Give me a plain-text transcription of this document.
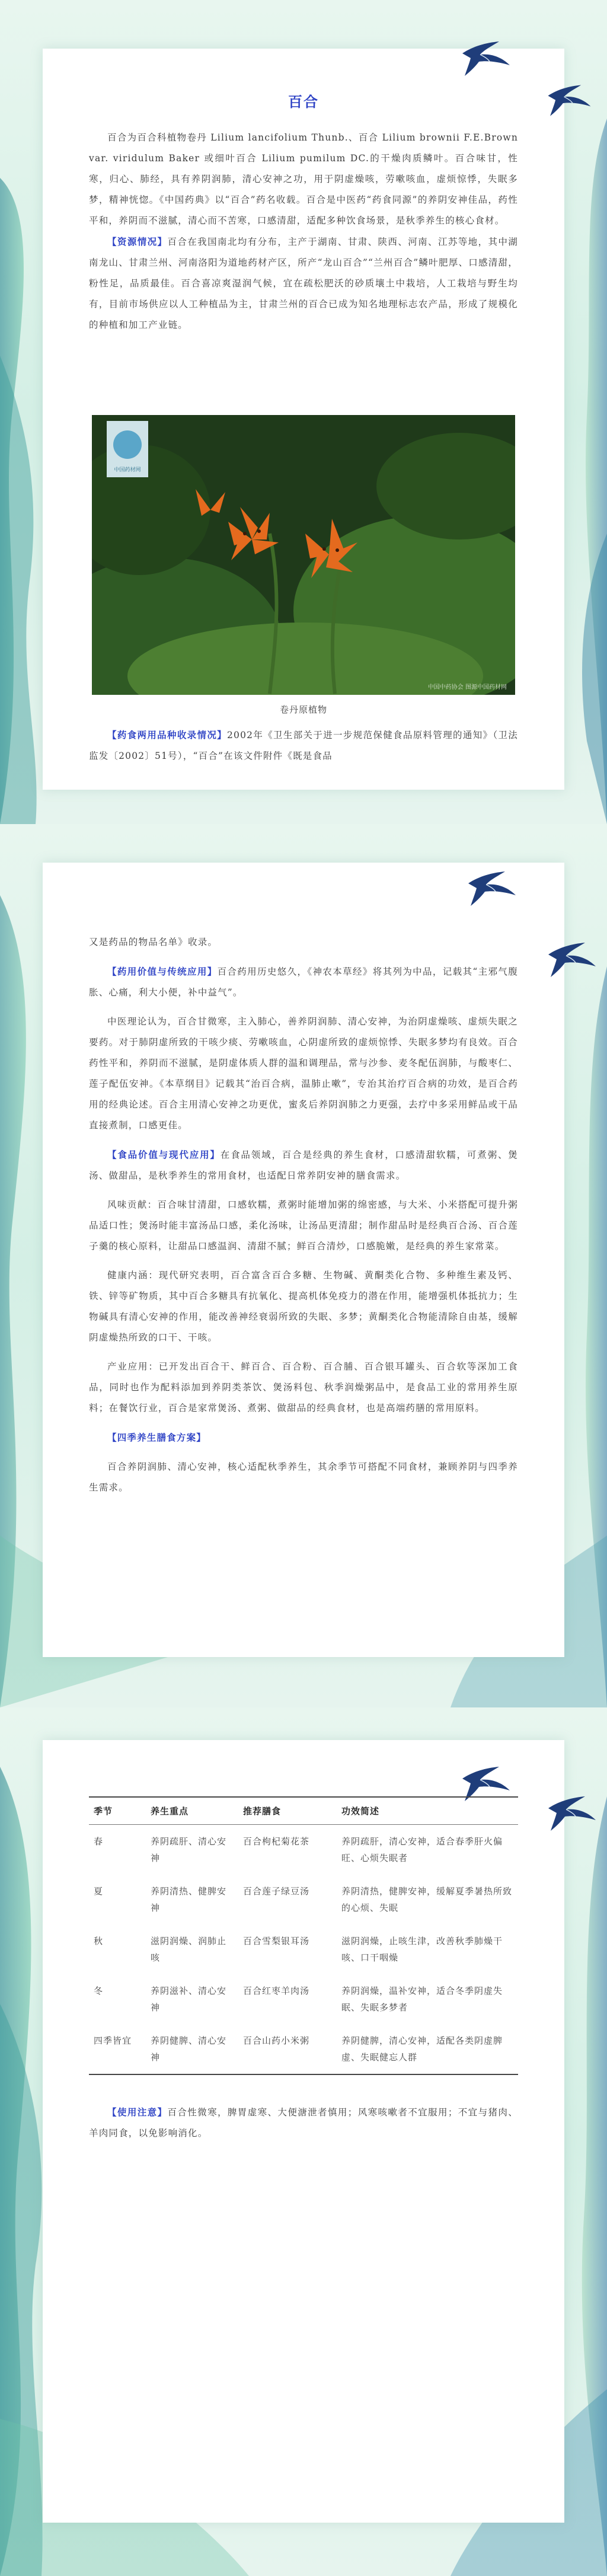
百合

百合为百合科植物卷丹 Lilium lancifolium Thunb.、百合 Lilium brownii F.E.Brown var. viridulum Baker 或细叶百合 Lilium pumilum DC.的干燥肉质鳞叶。百合味甘，性寒，归心、肺经，具有养阴润肺，清心安神之功，用于阴虚燥咳，劳嗽咳血，虚烦惊悸，失眠多梦，精神恍惚。《中国药典》以“百合”药名收载。百合是中医药“药食同源”的养阴安神佳品，药性平和，养阴而不滋腻，清心而不苦寒，口感清甜，适配多种饮食场景，是秋季养生的核心食材。

【资源情况】百合在我国南北均有分布，主产于湖南、甘肃、陕西、河南、江苏等地，其中湖南龙山、甘肃兰州、河南洛阳为道地药材产区，所产“龙山百合”“兰州百合”鳞叶肥厚、口感清甜，粉性足，品质最佳。百合喜凉爽湿润气候，宜在疏松肥沃的砂质壤土中栽培，人工栽培与野生均有，目前市场供应以人工种植品为主，甘肃兰州的百合已成为知名地理标志农产品，形成了规模化的种植和加工产业链。

中国药材网
中国中药协会 图源中国药材网
卷丹原植物

【药食两用品种收录情况】2002年《卫生部关于进一步规范保健食品原料管理的通知》（卫法监发〔2002〕51号），“百合”在该文件附件《既是食品

又是药品的物品名单》收录。

【药用价值与传统应用】百合药用历史悠久，《神农本草经》将其列为中品，记载其“主邪气腹胀、心痛，利大小便，补中益气”。

中医理论认为，百合甘微寒，主入肺心，善养阴润肺、清心安神，为治阴虚燥咳、虚烦失眠之要药。对于肺阴虚所致的干咳少痰、劳嗽咳血，心阴虚所致的虚烦惊悸、失眠多梦均有良效。百合药性平和，养阴而不滋腻，是阴虚体质人群的温和调理品，常与沙参、麦冬配伍润肺，与酸枣仁、莲子配伍安神。《本草纲目》记载其“治百合病，温肺止嗽”，专治其治疗百合病的功效，是百合药用的经典论述。百合主用清心安神之功更优，蜜炙后养阴润肺之力更强，去疗中多采用鲜品或干品直接煮制，口感更佳。

【食品价值与现代应用】在食品领域，百合是经典的养生食材，口感清甜软糯，可煮粥、煲汤、做甜品，是秋季养生的常用食材，也适配日常养阴安神的膳食需求。

风味贡献：百合味甘清甜，口感软糯，煮粥时能增加粥的绵密感，与大米、小米搭配可提升粥品适口性；煲汤时能丰富汤品口感，柔化汤味，让汤品更清甜；制作甜品时是经典百合汤、百合莲子羹的核心原料，让甜品口感温润、清甜不腻；鲜百合清炒，口感脆嫩，是经典的养生家常菜。

健康内涵：现代研究表明，百合富含百合多糖、生物碱、黄酮类化合物、多种维生素及钙、铁、锌等矿物质，其中百合多糖具有抗氧化、提高机体免疫力的潜在作用，能增强机体抵抗力；生物碱具有清心安神的作用，能改善神经衰弱所致的失眠、多梦；黄酮类化合物能清除自由基，缓解阴虚燥热所致的口干、干咳。

产业应用：已开发出百合干、鲜百合、百合粉、百合脯、百合银耳罐头、百合软等深加工食品，同时也作为配料添加到养阴类茶饮、煲汤料包、秋季润燥粥品中，是食品工业的常用养生原料；在餐饮行业，百合是家常煲汤、煮粥、做甜品的经典食材，也是高端药膳的常用原料。

【四季养生膳食方案】

百合养阴润肺、清心安神，核心适配秋季养生，其余季节可搭配不同食材，兼顾养阴与四季养生需求。

季节	养生重点	推荐膳食	功效简述
春	养阴疏肝、清心安神	百合枸杞菊花茶	养阴疏肝，清心安神，适合春季肝火偏旺、心烦失眠者
夏	养阴清热、健脾安神	百合莲子绿豆汤	养阴清热，健脾安神，缓解夏季暑热所致的心烦、失眠
秋	滋阴润燥、润肺止咳	百合雪梨银耳汤	滋阴润燥，止咳生津，改善秋季肺燥干咳、口干咽燥
冬	养阴滋补、清心安神	百合红枣羊肉汤	养阴润燥，温补安神，适合冬季阴虚失眠、失眠多梦者
四季皆宜	养阴健脾、清心安神	百合山药小米粥	养阴健脾，清心安神，适配各类阴虚脾虚、失眠健忘人群

【使用注意】百合性微寒，脾胃虚寒、大便溏泄者慎用；风寒咳嗽者不宜服用；不宜与猪肉、羊肉同食，以免影响消化。
